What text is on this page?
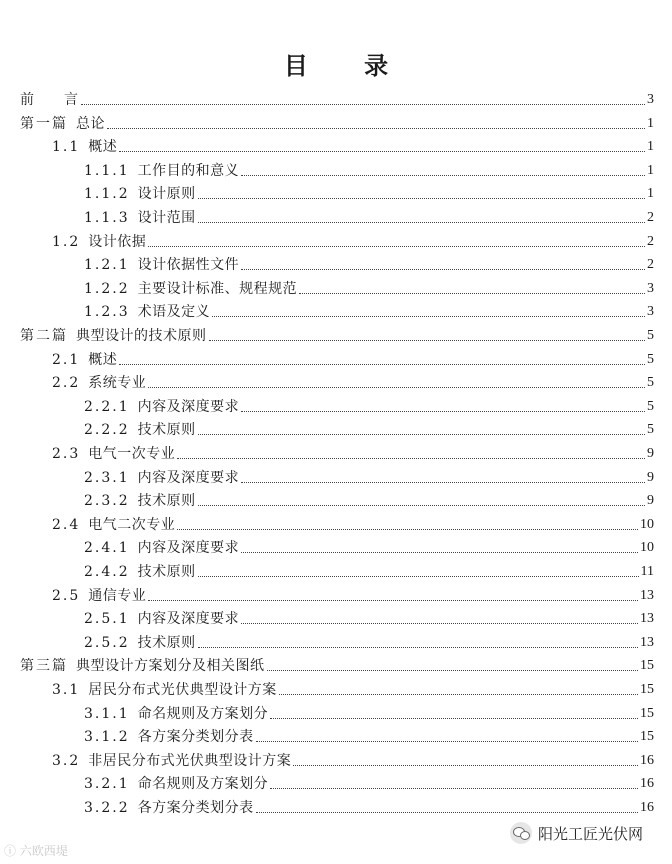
目 录
前 言	3
第一篇 总论	1
1.1 概述	1
1.1.1 工作目的和意义	1
1.1.2 设计原则	1
1.1.3 设计范围	2
1.2 设计依据	2
1.2.1 设计依据性文件	2
1.2.2 主要设计标准、规程规范	3
1.2.3 术语及定义	3
第二篇 典型设计的技术原则	5
2.1 概述	5
2.2 系统专业	5
2.2.1 内容及深度要求	5
2.2.2 技术原则	5
2.3 电气一次专业	9
2.3.1 内容及深度要求	9
2.3.2 技术原则	9
2.4 电气二次专业	10
2.4.1 内容及深度要求	10
2.4.2 技术原则	11
2.5 通信专业	13
2.5.1 内容及深度要求	13
2.5.2 技术原则	13
第三篇 典型设计方案划分及相关图纸	15
3.1 居民分布式光伏典型设计方案	15
3.1.1 命名规则及方案划分	15
3.1.2 各方案分类划分表	15
3.2 非居民分布式光伏典型设计方案	16
3.2.1 命名规则及方案划分	16
3.2.2 各方案分类划分表	16
ⓘ 六欧西堤
阳光工匠光伏网
